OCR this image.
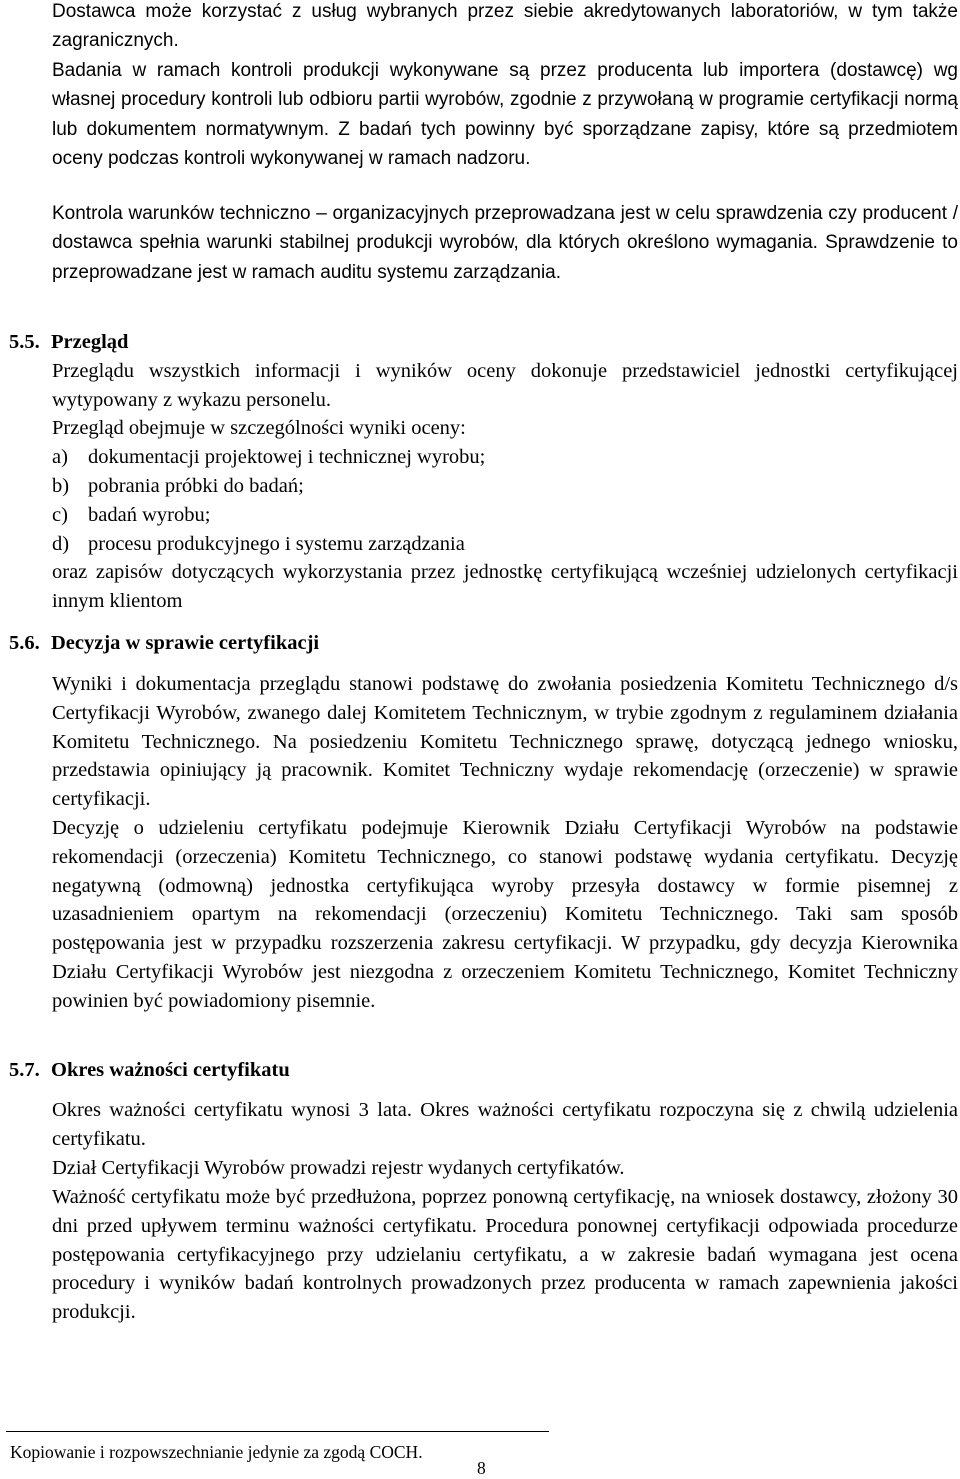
Dostawca może korzystać z usług wybranych przez siebie akredytowanych laboratoriów, w tym także zagranicznych.

Badania w ramach kontroli produkcji wykonywane są przez producenta lub importera (dostawcę) wg własnej procedury kontroli lub odbioru partii wyrobów, zgodnie z przywołaną w programie certyfikacji normą lub dokumentem normatywnym. Z badań tych powinny być sporządzane zapisy, które są przedmiotem oceny podczas kontroli wykonywanej w ramach nadzoru.

Kontrola warunków techniczno – organizacyjnych przeprowadzana jest w celu sprawdzenia czy producent / dostawca spełnia warunki stabilnej produkcji wyrobów, dla których określono wymagania. Sprawdzenie to przeprowadzane jest w ramach auditu systemu zarządzania.

5.5. Przegląd

Przeglądu wszystkich informacji i wyników oceny dokonuje przedstawiciel jednostki certyfikującej wytypowany z wykazu personelu.

Przegląd obejmuje w szczególności wyniki oceny:

a) dokumentacji projektowej i technicznej wyrobu;
b) pobrania próbki do badań;
c) badań wyrobu;
d) procesu produkcyjnego i systemu zarządzania

oraz zapisów dotyczących wykorzystania przez jednostkę certyfikującą wcześniej udzielonych certyfikacji innym klientom

5.6. Decyzja w sprawie certyfikacji

Wyniki i dokumentacja przeglądu stanowi podstawę do zwołania posiedzenia Komitetu Technicznego d/s Certyfikacji Wyrobów, zwanego dalej Komitetem Technicznym, w trybie zgodnym z regulaminem działania Komitetu Technicznego. Na posiedzeniu Komitetu Technicznego sprawę, dotyczącą jednego wniosku, przedstawia opiniujący ją pracownik. Komitet Techniczny wydaje rekomendację (orzeczenie) w sprawie certyfikacji.

Decyzję o udzieleniu certyfikatu podejmuje Kierownik Działu Certyfikacji Wyrobów na podstawie rekomendacji (orzeczenia) Komitetu Technicznego, co stanowi podstawę wydania certyfikatu. Decyzję negatywną (odmowną) jednostka certyfikująca wyroby przesyła dostawcy w formie pisemnej z uzasadnieniem opartym na rekomendacji (orzeczeniu) Komitetu Technicznego. Taki sam sposób postępowania jest w przypadku rozszerzenia zakresu certyfikacji. W przypadku, gdy decyzja Kierownika Działu Certyfikacji Wyrobów jest niezgodna z orzeczeniem Komitetu Technicznego, Komitet Techniczny powinien być powiadomiony pisemnie.

5.7. Okres ważności certyfikatu

Okres ważności certyfikatu wynosi 3 lata. Okres ważności certyfikatu rozpoczyna się z chwilą udzielenia certyfikatu.

Dział Certyfikacji Wyrobów prowadzi rejestr wydanych certyfikatów.

Ważność certyfikatu może być przedłużona, poprzez ponowną certyfikację, na wniosek dostawcy, złożony 30 dni przed upływem terminu ważności certyfikatu. Procedura ponownej certyfikacji odpowiada procedurze postępowania certyfikacyjnego przy udzielaniu certyfikatu, a w zakresie badań wymagana jest ocena procedury i wyników badań kontrolnych prowadzonych przez producenta w ramach zapewnienia jakości produkcji.

Kopiowanie i rozpowszechnianie jedynie za zgodą COCH.
8
